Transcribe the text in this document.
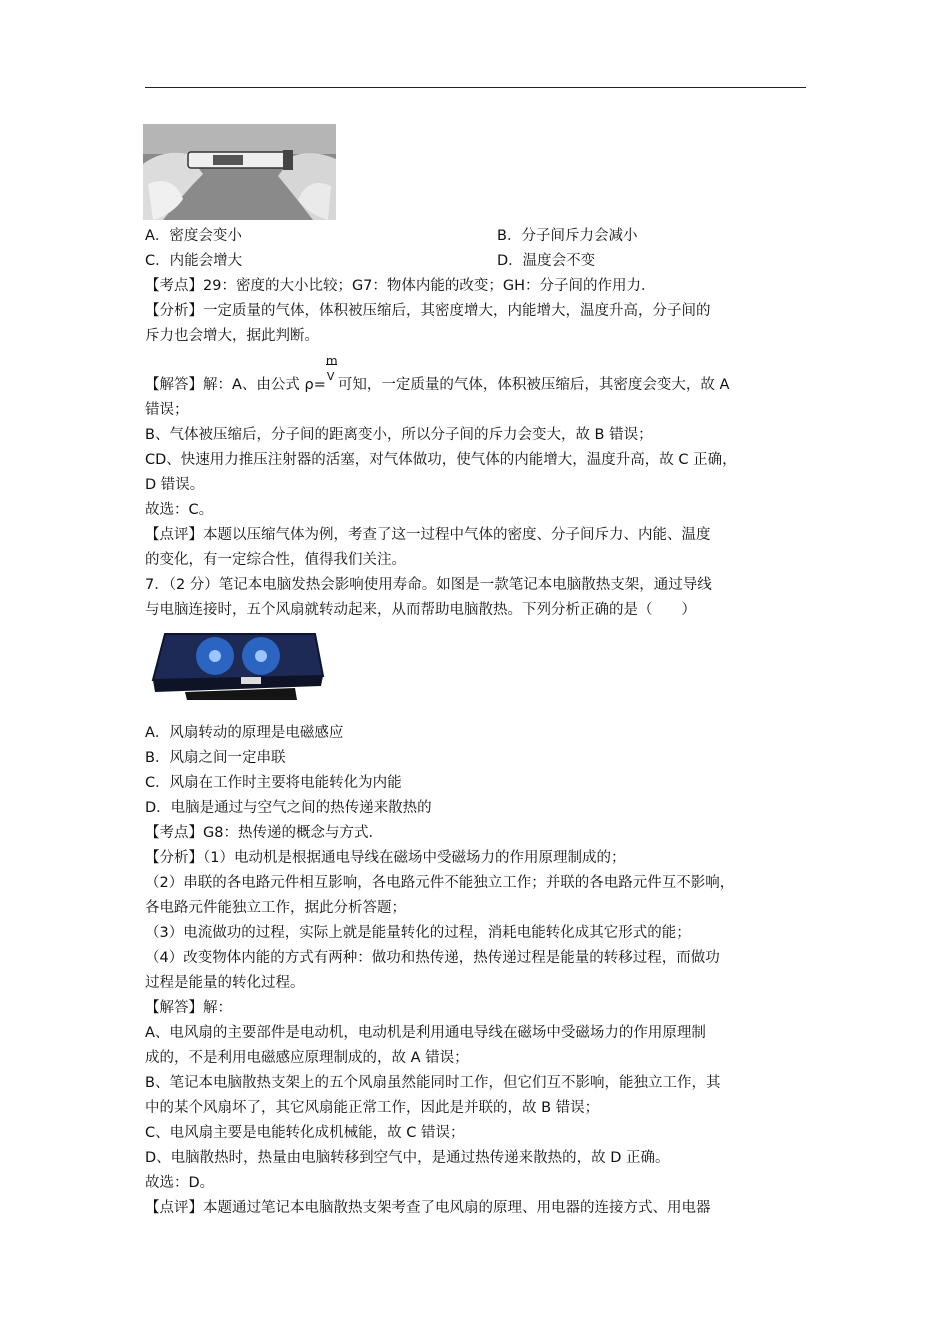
A．密度会变小	B．分子间斥力会减小
C．内能会增大	D．温度会不变
【考点】29：密度的大小比较；G7：物体内能的改变；GH：分子间的作用力．
【分析】一定质量的气体，体积被压缩后，其密度增大，内能增大，温度升高，分子间的
斥力也会增大，据此判断。
【解答】解：A、由公式 $\rho= \frac{m}{V}$ 可知，一定质量的气体，体积被压缩后，其密度会变大，故 A
错误；
B、气体被压缩后，分子间的距离变小，所以分子间的斥力会变大，故 B 错误；
CD、快速用力推压注射器的活塞，对气体做功，使气体的内能增大，温度升高，故 C 正确，
D 错误。
故选：C。
【点评】本题以压缩气体为例，考查了这一过程中气体的密度、分子间斥力、内能、温度
的变化，有一定综合性，值得我们关注。
7．（2 分）笔记本电脑发热会影响使用寿命。如图是一款笔记本电脑散热支架，通过导线
与电脑连接时，五个风扇就转动起来，从而帮助电脑散热。下列分析正确的是（　　）
A．风扇转动的原理是电磁感应
B．风扇之间一定串联
C．风扇在工作时主要将电能转化为内能
D．电脑是通过与空气之间的热传递来散热的
【考点】G8：热传递的概念与方式．
【分析】（1）电动机是根据通电导线在磁场中受磁场力的作用原理制成的；
（2）串联的各电路元件相互影响，各电路元件不能独立工作；并联的各电路元件互不影响，
各电路元件能独立工作，据此分析答题；
（3）电流做功的过程，实际上就是能量转化的过程，消耗电能转化成其它形式的能；
（4）改变物体内能的方式有两种：做功和热传递，热传递过程是能量的转移过程，而做功
过程是能量的转化过程。
【解答】解：
A、电风扇的主要部件是电动机，电动机是利用通电导线在磁场中受磁场力的作用原理制
成的，不是利用电磁感应原理制成的，故 A 错误；
B、笔记本电脑散热支架上的五个风扇虽然能同时工作，但它们互不影响，能独立工作，其
中的某个风扇坏了，其它风扇能正常工作，因此是并联的，故 B 错误；
C、电风扇主要是电能转化成机械能，故 C 错误；
D、电脑散热时，热量由电脑转移到空气中，是通过热传递来散热的，故 D 正确。
故选：D。
【点评】本题通过笔记本电脑散热支架考查了电风扇的原理、用电器的连接方式、用电器
